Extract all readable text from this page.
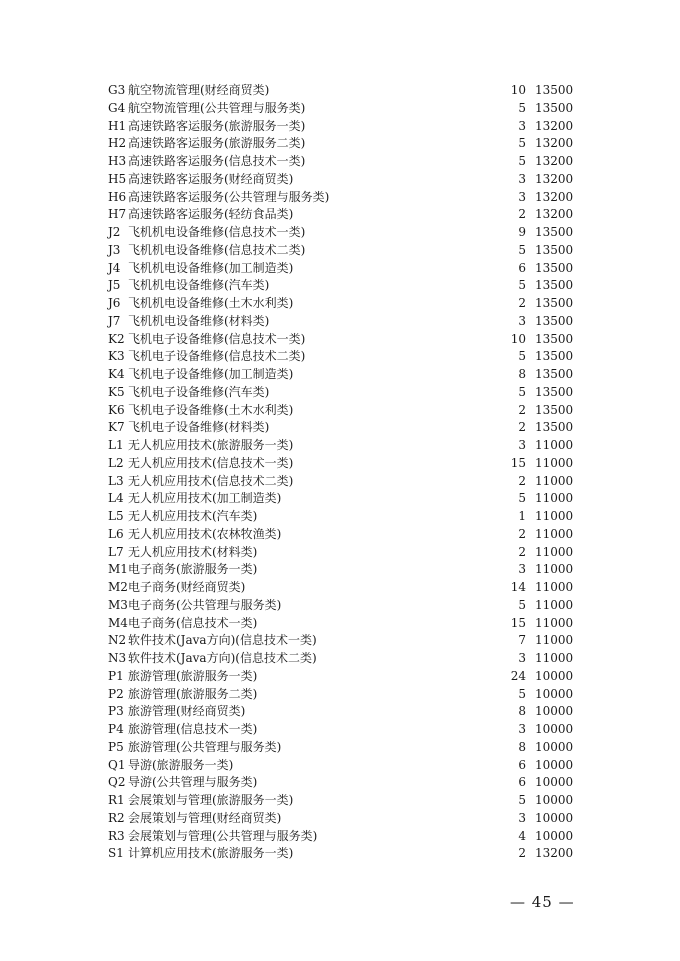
G3 航空物流管理(财经商贸类)	10 13500
G4 航空物流管理(公共管理与服务类)	5 13500
H1 高速铁路客运服务(旅游服务一类)	3 13200
H2 高速铁路客运服务(旅游服务二类)	5 13200
H3 高速铁路客运服务(信息技术一类)	5 13200
H5 高速铁路客运服务(财经商贸类)	3 13200
H6 高速铁路客运服务(公共管理与服务类)	3 13200
H7 高速铁路客运服务(轻纺食品类)	2 13200
J2 飞机机电设备维修(信息技术一类)	9 13500
J3 飞机机电设备维修(信息技术二类)	5 13500
J4 飞机机电设备维修(加工制造类)	6 13500
J5 飞机机电设备维修(汽车类)	5 13500
J6 飞机机电设备维修(土木水利类)	2 13500
J7 飞机机电设备维修(材料类)	3 13500
K2 飞机电子设备维修(信息技术一类)	10 13500
K3 飞机电子设备维修(信息技术二类)	5 13500
K4 飞机电子设备维修(加工制造类)	8 13500
K5 飞机电子设备维修(汽车类)	5 13500
K6 飞机电子设备维修(土木水利类)	2 13500
K7 飞机电子设备维修(材料类)	2 13500
L1 无人机应用技术(旅游服务一类)	3 11000
L2 无人机应用技术(信息技术一类)	15 11000
L3 无人机应用技术(信息技术二类)	2 11000
L4 无人机应用技术(加工制造类)	5 11000
L5 无人机应用技术(汽车类)	1 11000
L6 无人机应用技术(农林牧渔类)	2 11000
L7 无人机应用技术(材料类)	2 11000
M1 电子商务(旅游服务一类)	3 11000
M2 电子商务(财经商贸类)	14 11000
M3 电子商务(公共管理与服务类)	5 11000
M4 电子商务(信息技术一类)	15 11000
N2 软件技术(Java方向)(信息技术一类)	7 11000
N3 软件技术(Java方向)(信息技术二类)	3 11000
P1 旅游管理(旅游服务一类)	24 10000
P2 旅游管理(旅游服务二类)	5 10000
P3 旅游管理(财经商贸类)	8 10000
P4 旅游管理(信息技术一类)	3 10000
P5 旅游管理(公共管理与服务类)	8 10000
Q1 导游(旅游服务一类)	6 10000
Q2 导游(公共管理与服务类)	6 10000
R1 会展策划与管理(旅游服务一类)	5 10000
R2 会展策划与管理(财经商贸类)	3 10000
R3 会展策划与管理(公共管理与服务类)	4 10000
S1 计算机应用技术(旅游服务一类)	2 13200
— 45 —
